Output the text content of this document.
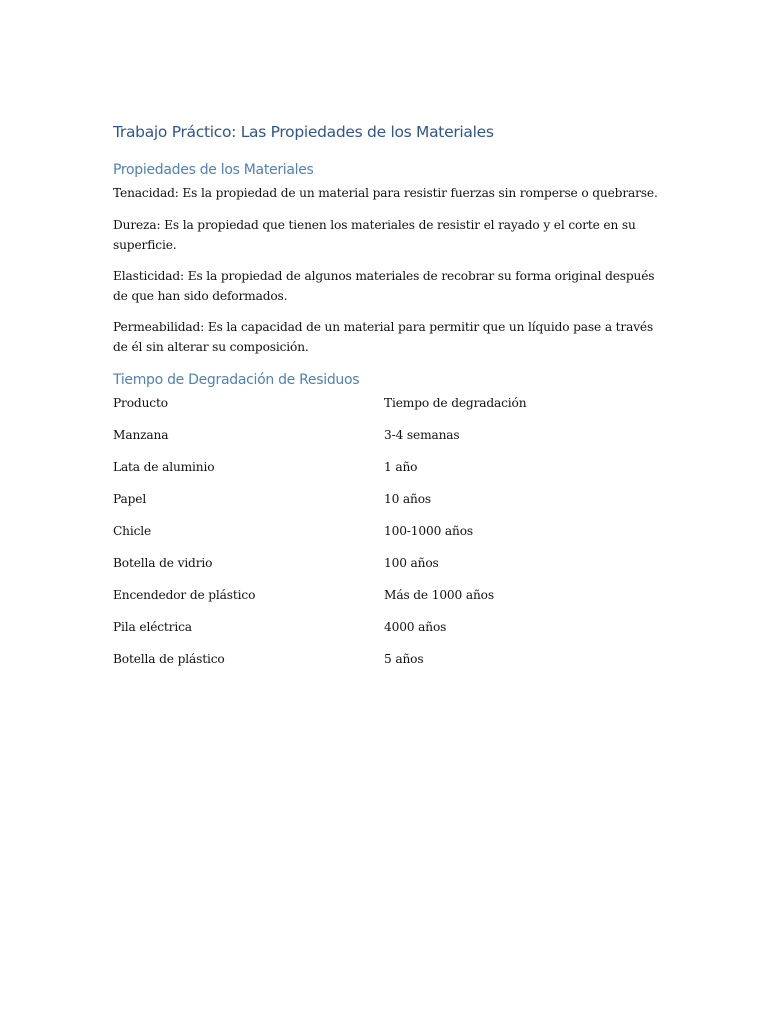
Trabajo Práctico: Las Propiedades de los Materiales
Propiedades de los Materiales

Tenacidad: Es la propiedad de un material para resistir fuerzas sin romperse o quebrarse.

Dureza: Es la propiedad que tienen los materiales de resistir el rayado y el corte en su superficie.

Elasticidad: Es la propiedad de algunos materiales de recobrar su forma original después de que han sido deformados.

Permeabilidad: Es la capacidad de un material para permitir que un líquido pase a través de él sin alterar su composición.

Tiempo de Degradación de Residuos
Producto	Tiempo de degradación
Manzana	3-4 semanas
Lata de aluminio	1 año
Papel	10 años
Chicle	100-1000 años
Botella de vidrio	100 años
Encendedor de plástico	Más de 1000 años
Pila eléctrica	4000 años
Botella de plástico	5 años
